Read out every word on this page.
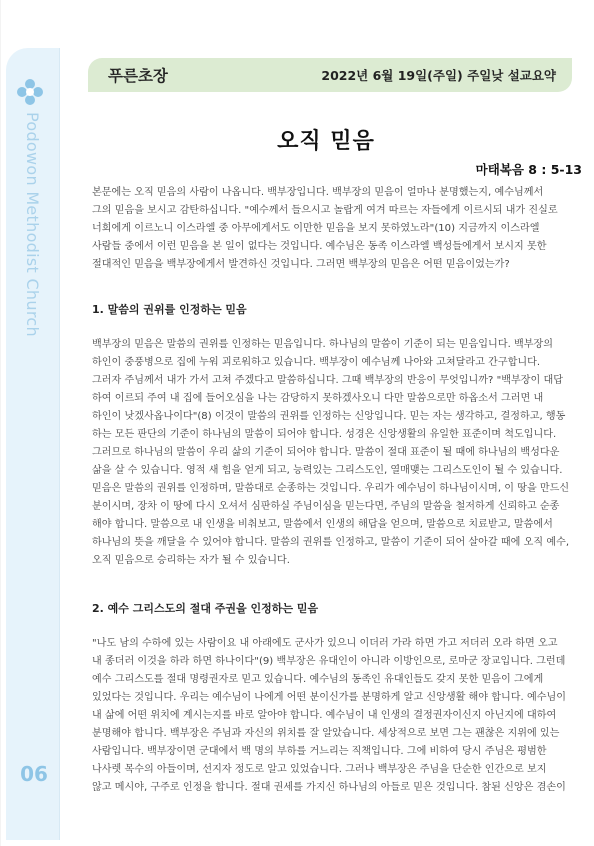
Podowon Methodist Church
06
푸른초장	2022년 6월 19일(주일) 주일낮 설교요약
오직 믿음
마태복음 8 : 5-13
본문에는 오직 믿음의 사람이 나옵니다. 백부장입니다. 백부장의 믿음이 얼마나 분명했는지, 예수님께서
그의 믿음을 보시고 감탄하십니다. "예수께서 들으시고 놀랍게 여겨 따르는 자들에게 이르시되 내가 진실로
너희에게 이르노니 이스라엘 중 아무에게서도 이만한 믿음을 보지 못하였노라"(10) 지금까지 이스라엘
사람들 중에서 이런 믿음을 본 일이 없다는 것입니다. 예수님은 동족 이스라엘 백성들에게서 보시지 못한
절대적인 믿음을 백부장에게서 발견하신 것입니다. 그러면 백부장의 믿음은 어떤 믿음이었는가?
1. 말씀의 권위를 인정하는 믿음
백부장의 믿음은 말씀의 권위를 인정하는 믿음입니다. 하나님의 말씀이 기준이 되는 믿음입니다. 백부장의
하인이 중풍병으로 집에 누워 괴로워하고 있습니다. 백부장이 예수님께 나아와 고쳐달라고 간구합니다.
그러자 주님께서 내가 가서 고쳐 주겠다고 말씀하십니다. 그때 백부장의 반응이 무엇입니까? "백부장이 대답
하여 이르되 주여 내 집에 들어오심을 나는 감당하지 못하겠사오니 다만 말씀으로만 하옵소서 그러면 내
하인이 낫겠사옵나이다"(8) 이것이 말씀의 권위를 인정하는 신앙입니다. 믿는 자는 생각하고, 결정하고, 행동
하는 모든 판단의 기준이 하나님의 말씀이 되어야 합니다. 성경은 신앙생활의 유일한 표준이며 척도입니다.
그러므로 하나님의 말씀이 우리 삶의 기준이 되어야 합니다. 말씀이 절대 표준이 될 때에 하나님의 백성다운
삶을 살 수 있습니다. 영적 새 힘을 얻게 되고, 능력있는 그리스도인, 열매맺는 그리스도인이 될 수 있습니다.
믿음은 말씀의 권위를 인정하며, 말씀대로 순종하는 것입니다. 우리가 예수님이 하나님이시며, 이 땅을 만드신
분이시며, 장차 이 땅에 다시 오셔서 심판하실 주님이심을 믿는다면, 주님의 말씀을 철저하게 신뢰하고 순종
해야 합니다. 말씀으로 내 인생을 비춰보고, 말씀에서 인생의 해답을 얻으며, 말씀으로 치료받고, 말씀에서
하나님의 뜻을 깨달을 수 있어야 합니다. 말씀의 권위를 인정하고, 말씀이 기준이 되어 살아갈 때에 오직 예수,
오직 믿음으로 승리하는 자가 될 수 있습니다.
2. 예수 그리스도의 절대 주권을 인정하는 믿음
"나도 남의 수하에 있는 사람이요 내 아래에도 군사가 있으니 이더러 가라 하면 가고 저더러 오라 하면 오고
내 종더러 이것을 하라 하면 하나이다"(9) 백부장은 유대인이 아니라 이방인으로, 로마군 장교입니다. 그런데
예수 그리스도를 절대 명령권자로 믿고 있습니다. 예수님의 동족인 유대인들도 갖지 못한 믿음이 그에게
있었다는 것입니다. 우리는 예수님이 나에게 어떤 분이신가를 분명하게 알고 신앙생활 해야 합니다. 예수님이
내 삶에 어떤 위치에 계시는지를 바로 알아야 합니다. 예수님이 내 인생의 결정권자이신지 아닌지에 대하여
분명해야 합니다. 백부장은 주님과 자신의 위치를 잘 알았습니다. 세상적으로 보면 그는 괜찮은 지위에 있는
사람입니다. 백부장이면 군대에서 백 명의 부하를 거느리는 직책입니다. 그에 비하여 당시 주님은 평범한
나사렛 목수의 아들이며, 선지자 정도로 알고 있었습니다. 그러나 백부장은 주님을 단순한 인간으로 보지
않고 메시야, 구주로 인정을 합니다. 절대 권세를 가지신 하나님의 아들로 믿은 것입니다. 참된 신앙은 겸손이
